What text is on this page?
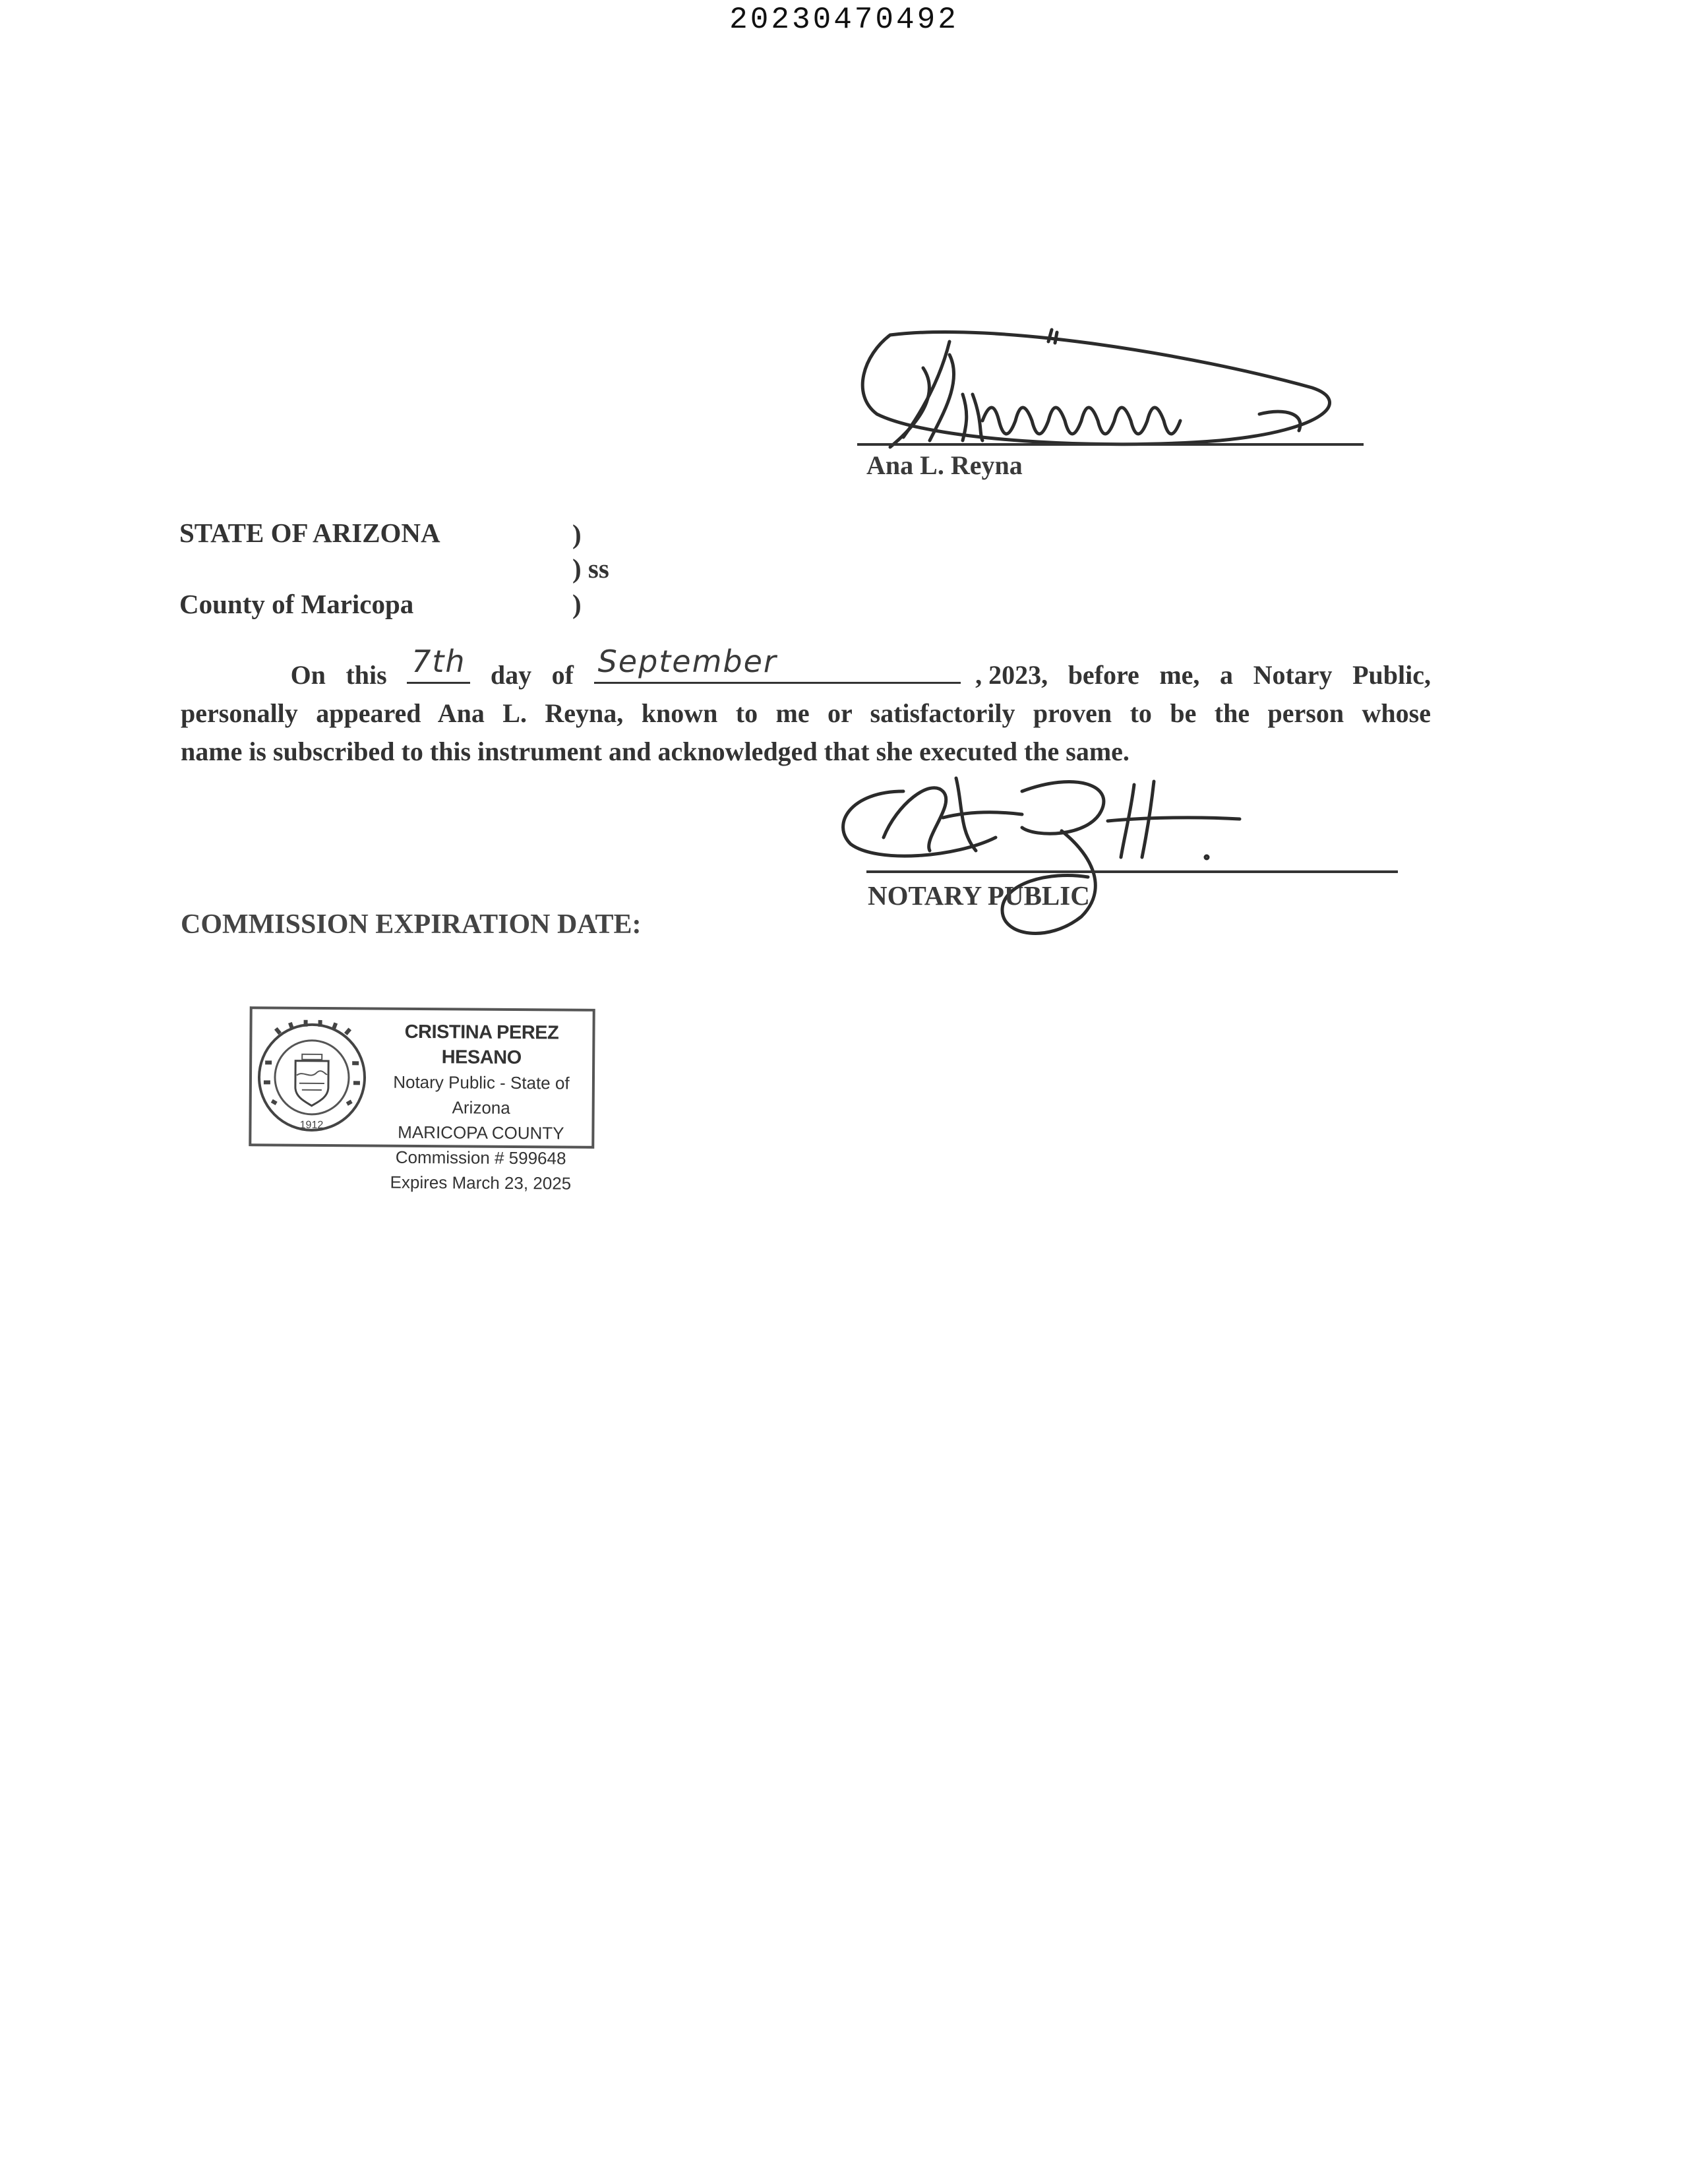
20230470492
Ana L. Reyna
STATE OF ARIZONA	)
) ss
County of Maricopa	)
On this 7th day of September	, 2023, before me, a Notary Public,
personally appeared Ana L. Reyna, known to me or satisfactorily proven to be the person whose
name is subscribed to this instrument and acknowledged that she executed the same.
NOTARY PUBLIC
COMMISSION EXPIRATION DATE:
1912
CRISTINA PEREZ HESANO
Notary Public - State of Arizona
MARICOPA COUNTY
Commission # 599648
Expires March 23, 2025
